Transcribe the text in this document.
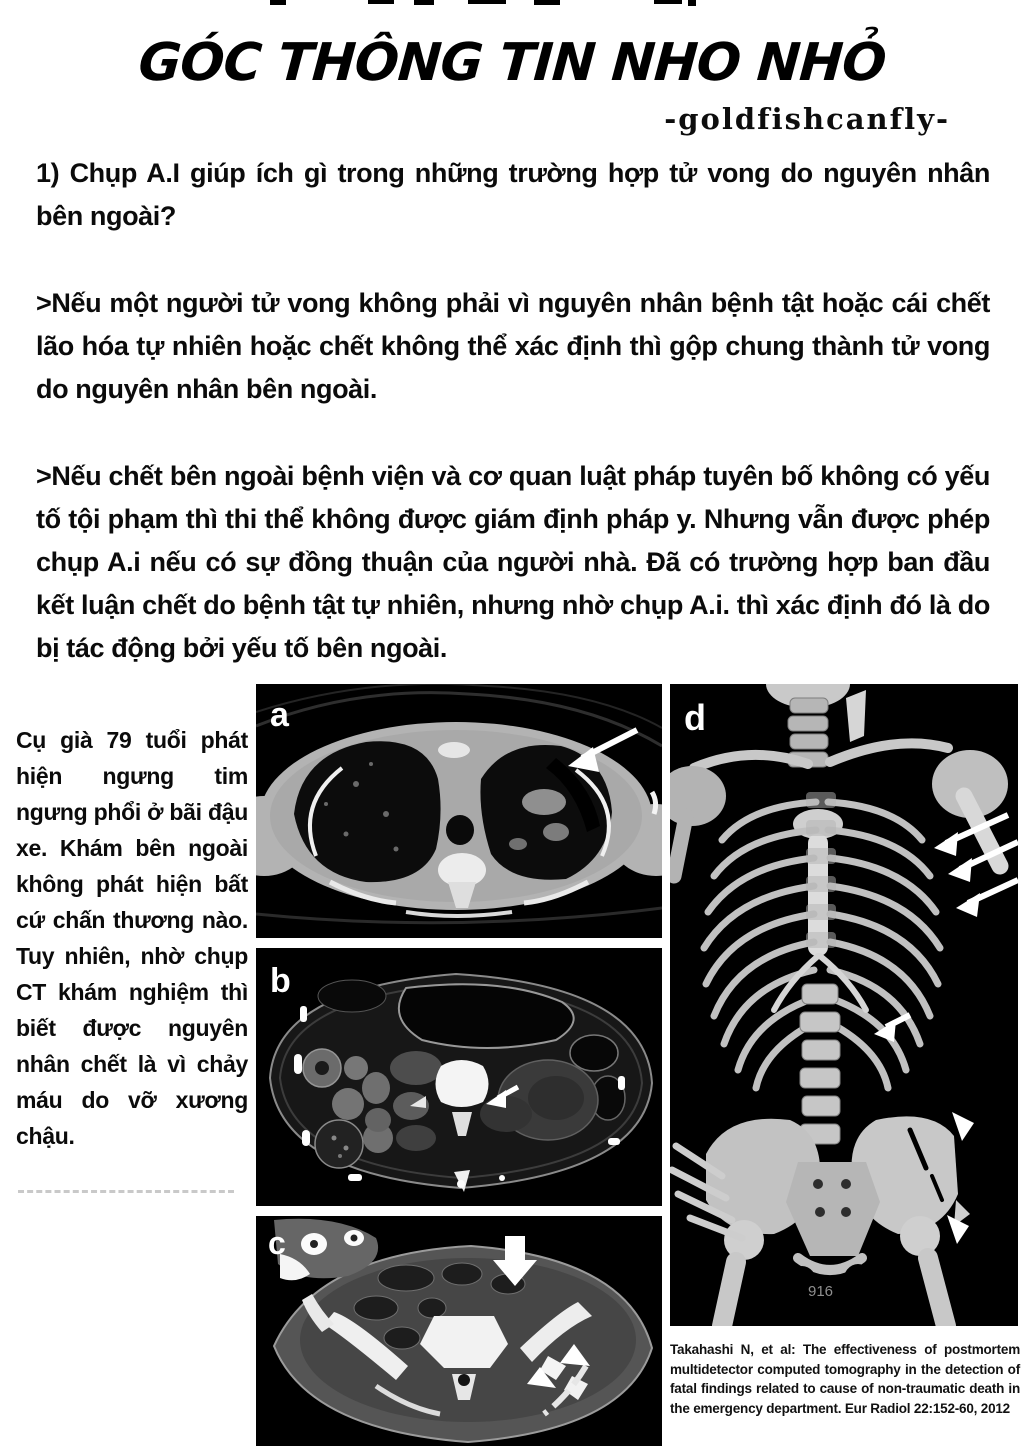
GÓC THÔNG TIN NHO NHỎ
-goldfishcanfly-

1) Chụp A.I giúp ích gì trong những trường hợp tử vong do nguyên nhân bên ngoài?

>Nếu một người tử vong không phải vì nguyên nhân bệnh tật hoặc cái chết lão hóa tự nhiên hoặc chết không thể xác định thì gộp chung thành tử vong do nguyên nhân bên ngoài.

>Nếu chết bên ngoài bệnh viện và cơ quan luật pháp tuyên bố không có yếu tố tội phạm thì thi thể không được giám định pháp y. Nhưng vẫn được phép chụp A.i nếu có sự đồng thuận của người nhà. Đã có trường hợp ban đầu kết luận chết do bệnh tật tự nhiên, nhưng nhờ chụp A.i. thì xác định đó là do bị tác động bởi yếu tố bên ngoài.

Cụ già 79 tuổi phát hiện ngưng tim ngưng phổi ở bãi đậu xe. Khám bên ngoài không phát hiện bất cứ chấn thương nào. Tuy nhiên, nhờ chụp CT khám nghiệm thì biết được nguyên nhân chết là vì chảy máu do vỡ xương chậu.
a
b
c
916
d
Takahashi N, et al: The effectiveness of postmortem multidetector computed tomography in the detection of fatal findings related to cause of non-traumatic death in the emergency department. Eur Radiol 22:152-60, 2012
